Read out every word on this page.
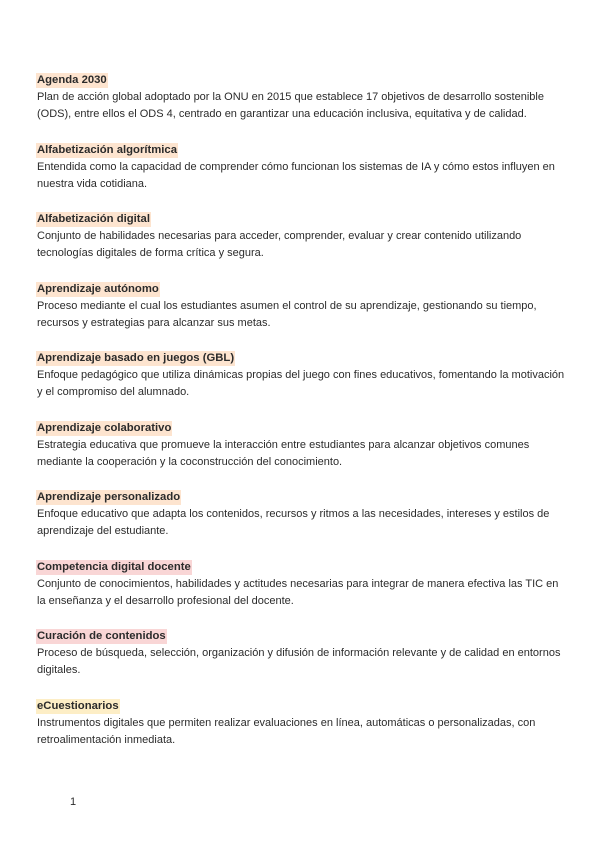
Agenda 2030

Plan de acción global adoptado por la ONU en 2015 que establece 17 objetivos de desarrollo sostenible (ODS), entre ellos el ODS 4, centrado en garantizar una educación inclusiva, equitativa y de calidad.

Alfabetización algorítmica

Entendida como la capacidad de comprender cómo funcionan los sistemas de IA y cómo estos influyen en nuestra vida cotidiana.

Alfabetización digital

Conjunto de habilidades necesarias para acceder, comprender, evaluar y crear contenido utilizando tecnologías digitales de forma crítica y segura.

Aprendizaje autónomo

Proceso mediante el cual los estudiantes asumen el control de su aprendizaje, gestionando su tiempo, recursos y estrategias para alcanzar sus metas.

Aprendizaje basado en juegos (GBL)

Enfoque pedagógico que utiliza dinámicas propias del juego con fines educativos, fomentando la motivación y el compromiso del alumnado.

Aprendizaje colaborativo

Estrategia educativa que promueve la interacción entre estudiantes para alcanzar objetivos comunes mediante la cooperación y la coconstrucción del conocimiento.

Aprendizaje personalizado

Enfoque educativo que adapta los contenidos, recursos y ritmos a las necesidades, intereses y estilos de aprendizaje del estudiante.

Competencia digital docente

Conjunto de conocimientos, habilidades y actitudes necesarias para integrar de manera efectiva las TIC en la enseñanza y el desarrollo profesional del docente.

Curación de contenidos

Proceso de búsqueda, selección, organización y difusión de información relevante y de calidad en entornos digitales.

eCuestionarios

Instrumentos digitales que permiten realizar evaluaciones en línea, automáticas o personalizadas, con retroalimentación inmediata.

1
